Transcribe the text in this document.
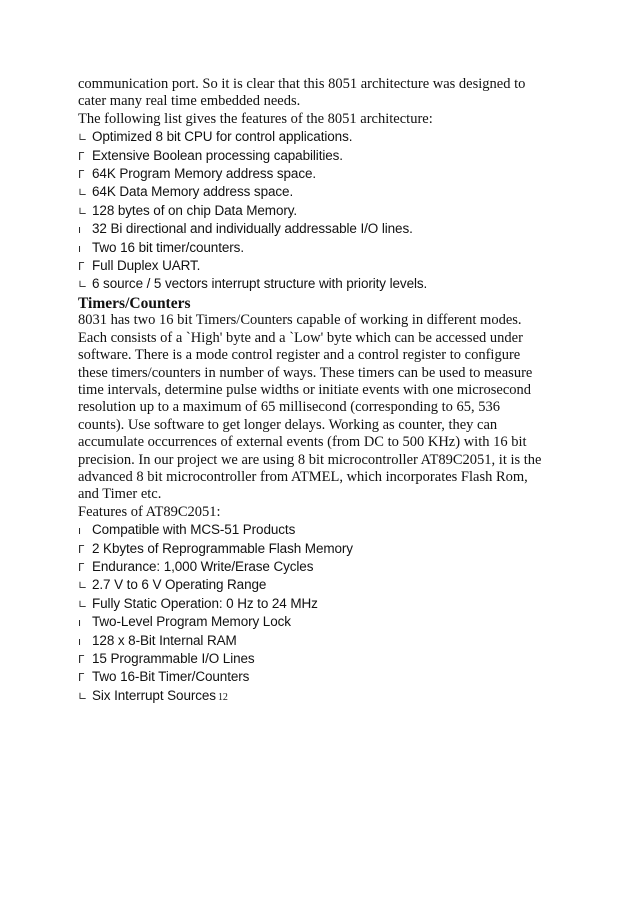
communication port. So it is clear that this 8051 architecture was designed to

cater many real time embedded needs.

The following list gives the features of the 8051 architecture:

∟ Optimized 8 bit CPU for control applications.

Γ Extensive Boolean processing capabilities.

Γ 64K Program Memory address space.

∟ 64K Data Memory address space.

∟ 128 bytes of on chip Data Memory.

ı 32 Bi directional and individually addressable I/O lines.

ı Two 16 bit timer/counters.

Γ Full Duplex UART.

∟ 6 source / 5 vectors interrupt structure with priority levels.

Timers/Counters

8031 has two 16 bit Timers/Counters capable of working in different modes.

Each consists of a `High' byte and a `Low' byte which can be accessed under

software. There is a mode control register and a control register to configure

these timers/counters in number of ways. These timers can be used to measure

time intervals, determine pulse widths or initiate events with one microsecond

resolution up to a maximum of 65 millisecond (corresponding to 65, 536

counts). Use software to get longer delays. Working as counter, they can

accumulate occurrences of external events (from DC to 500 KHz) with 16 bit

precision. In our project we are using 8 bit microcontroller AT89C2051, it is the

advanced 8 bit microcontroller from ATMEL, which incorporates Flash Rom,

and Timer etc.

Features of AT89C2051:

ı Compatible with MCS-51 Products

Γ 2 Kbytes of Reprogrammable Flash Memory

Γ Endurance: 1,000 Write/Erase Cycles

∟ 2.7 V to 6 V Operating Range

∟ Fully Static Operation: 0 Hz to 24 MHz

ı Two-Level Program Memory Lock

ı 128 x 8-Bit Internal RAM

Γ 15 Programmable I/O Lines

Γ Two 16-Bit Timer/Counters

∟ Six Interrupt Sources 12
